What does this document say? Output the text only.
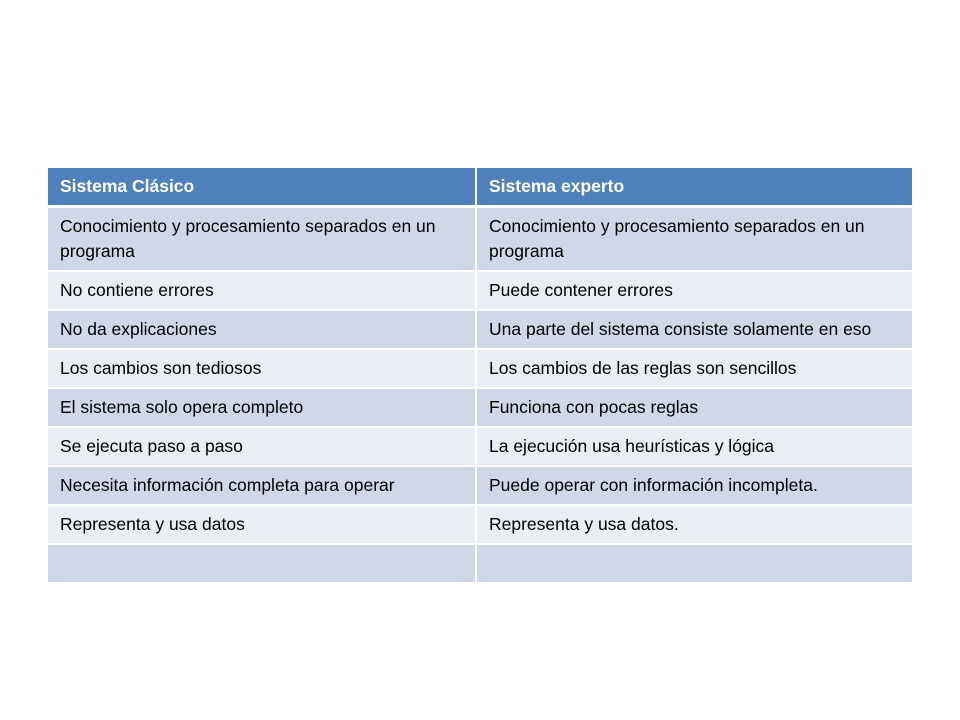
Sistema Clásico	Sistema experto
Conocimiento y procesamiento separados en un programa	Conocimiento y procesamiento separados en un programa
No contiene errores	Puede contener errores
No da explicaciones	Una parte del sistema consiste solamente en eso
Los cambios son tediosos	Los cambios de las reglas son sencillos
El sistema solo opera completo	Funciona con pocas reglas
Se ejecuta paso a paso	La ejecución usa heurísticas y lógica
Necesita información completa para operar	Puede operar con información incompleta.
Representa y usa datos	Representa y usa datos.
